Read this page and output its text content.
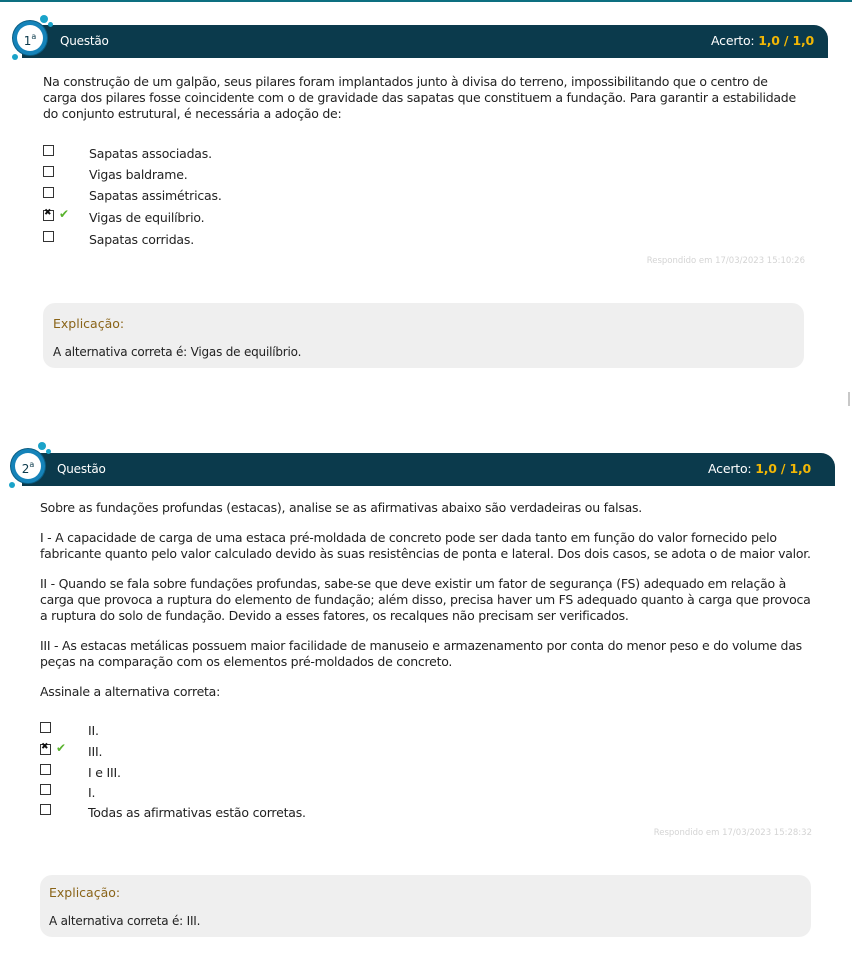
Questão	Acerto: 1,0 / 1,0
1$^a$

Na construção de um galpão, seus pilares foram implantados junto à divisa do terreno, impossibilitando que o centro de carga dos pilares fosse coincidente com o de gravidade das sapatas que constituem a fundação. Para garantir a estabilidade do conjunto estrutural, é necessária a adoção de:

Sapatas associadas.
Vigas baldrame.
Sapatas assimétricas.
✖
✔ Vigas de equilíbrio.
Sapatas corridas.
Respondido em 17/03/2023 15:10:26
Explicação:
A alternativa correta é: Vigas de equilíbrio.
Questão	Acerto: 1,0 / 1,0
2$^a$

Sobre as fundações profundas (estacas), analise se as afirmativas abaixo são verdadeiras ou falsas.

I - A capacidade de carga de uma estaca pré-moldada de concreto pode ser dada tanto em função do valor fornecido pelo fabricante quanto pelo valor calculado devido às suas resistências de ponta e lateral. Dos dois casos, se adota o de maior valor.

II - Quando se fala sobre fundações profundas, sabe-se que deve existir um fator de segurança (FS) adequado em relação à carga que provoca a ruptura do elemento de fundação; além disso, precisa haver um FS adequado quanto à carga que provoca a ruptura do solo de fundação. Devido a esses fatores, os recalques não precisam ser verificados.

III - As estacas metálicas possuem maior facilidade de manuseio e armazenamento por conta do menor peso e do volume das peças na comparação com os elementos pré-moldados de concreto.

Assinale a alternativa correta:

II.
✖
✔ III.
I e III.
I.
Todas as afirmativas estão corretas.
Respondido em 17/03/2023 15:28:32
Explicação:
A alternativa correta é: III.
